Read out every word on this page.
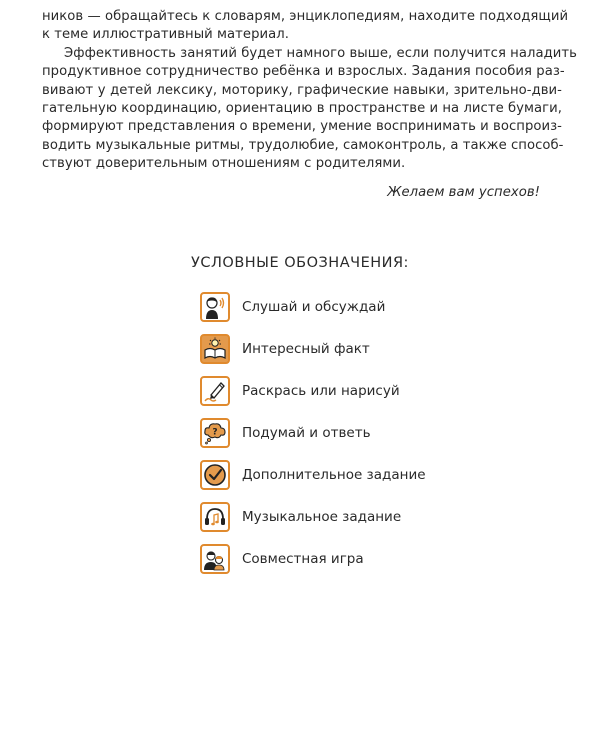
ников — обращайтесь к словарям, энциклопедиям, находите подходящий
к теме иллюстративный материал.

Эффективность занятий будет намного выше, если получится наладить
продуктивное сотрудничество ребёнка и взрослых. Задания пособия раз-
вивают у детей лексику, моторику, графические навыки, зрительно-дви-
гательную координацию, ориентацию в пространстве и на листе бумаги,
формируют представления о времени, умение воспринимать и воспроиз-
водить музыкальные ритмы, трудолюбие, самоконтроль, а также способ-
ствуют доверительным отношениям с родителями.

Желаем вам успехов!

УСЛОВНЫЕ ОБОЗНАЧЕНИЯ:
Слушай и обсуждай
Интересный факт
Раскрась или нарисуй
? Подумай и ответь
Дополнительное задание
Музыкальное задание
Совместная игра
